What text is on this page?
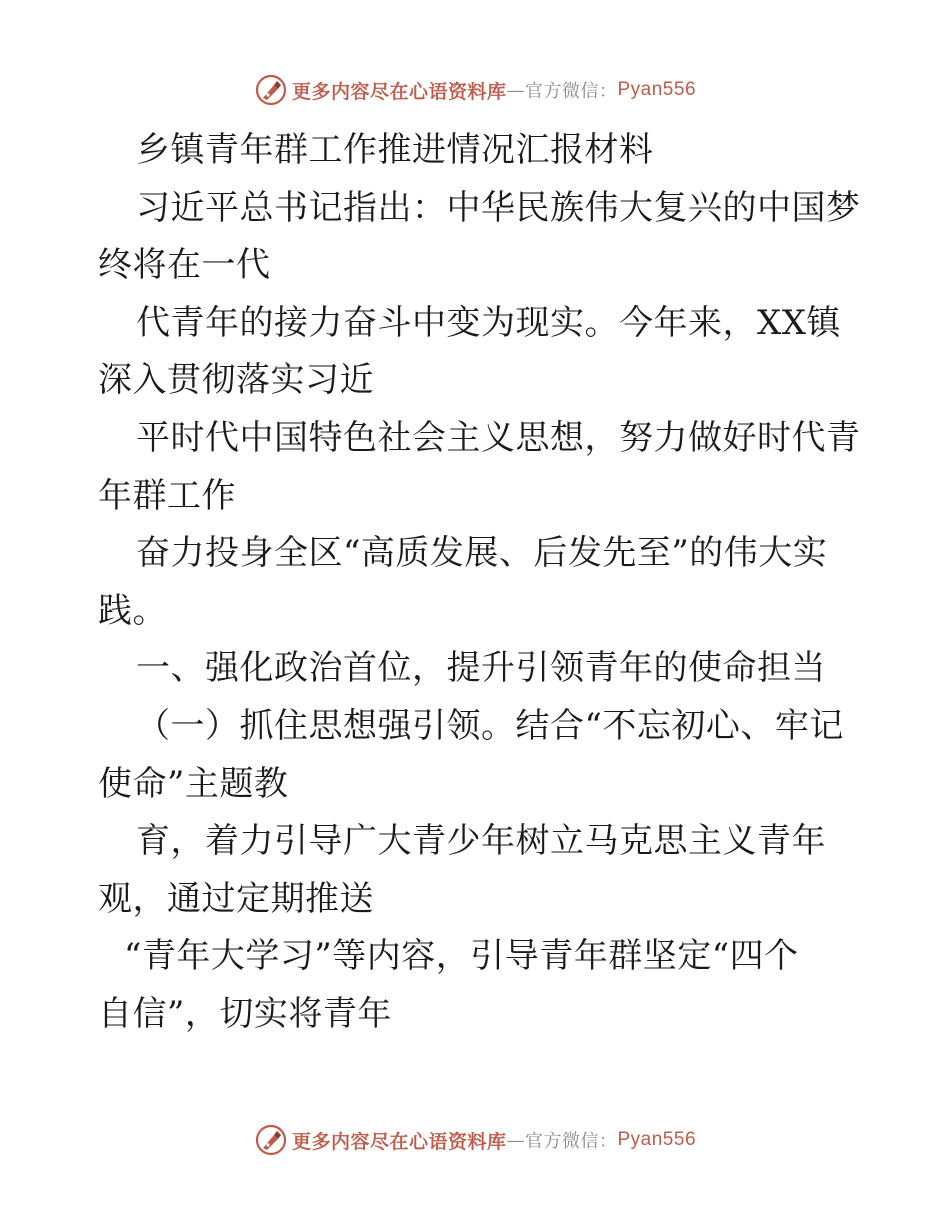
更多内容尽在心语资料库 — 官方微信： Pyan556
乡镇青年群工作推进情况汇报材料
习近平总书记指出：中华民族伟大复兴的中国梦
终将在一代
代青年的接力奋斗中变为现实。今年来，XX镇
深入贯彻落实习近
平时代中国特色社会主义思想，努力做好时代青
年群工作
奋力投身全区“高质发展、后发先至”的伟大实
践。
一、强化政治首位，提升引领青年的使命担当
（一）抓住思想强引领。结合“不忘初心、牢记
使命”主题教
育，着力引导广大青少年树立马克思主义青年
观，通过定期推送
“青年大学习”等内容，引导青年群坚定“四个
自信”，切实将青年
更多内容尽在心语资料库 — 官方微信： Pyan556
